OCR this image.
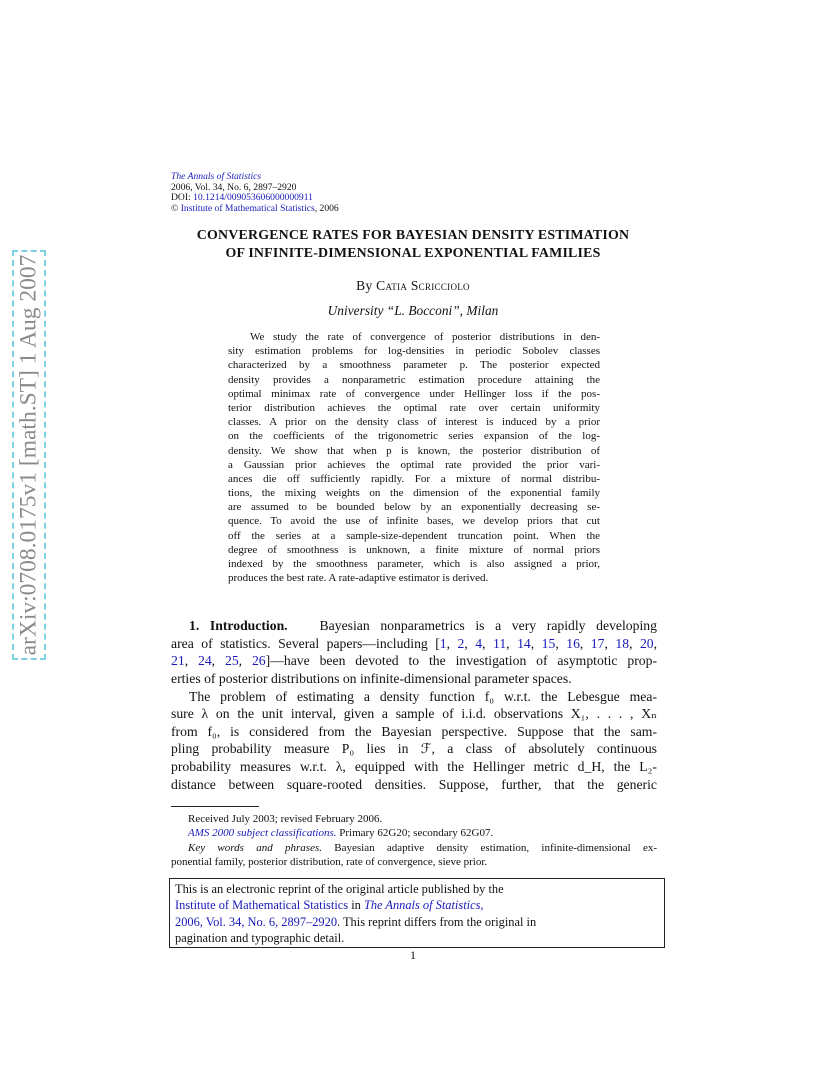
arXiv:0708.0175v1 [math.ST] 1 Aug 2007
The Annals of Statistics
2006, Vol. 34, No. 6, 2897–2920
DOI: 10.1214/009053606000000911
© Institute of Mathematical Statistics, 2006
CONVERGENCE RATES FOR BAYESIAN DENSITY ESTIMATION
OF INFINITE-DIMENSIONAL EXPONENTIAL FAMILIES
By Catia Scricciolo
University “L. Bocconi”, Milan
We study the rate of convergence of posterior distributions in den-
sity estimation problems for log-densities in periodic Sobolev classes
characterized by a smoothness parameter p. The posterior expected
density provides a nonparametric estimation procedure attaining the
optimal minimax rate of convergence under Hellinger loss if the pos-
terior distribution achieves the optimal rate over certain uniformity
classes. A prior on the density class of interest is induced by a prior
on the coefficients of the trigonometric series expansion of the log-
density. We show that when p is known, the posterior distribution of
a Gaussian prior achieves the optimal rate provided the prior vari-
ances die off sufficiently rapidly. For a mixture of normal distribu-
tions, the mixing weights on the dimension of the exponential family
are assumed to be bounded below by an exponentially decreasing se-
quence. To avoid the use of infinite bases, we develop priors that cut
off the series at a sample-size-dependent truncation point. When the
degree of smoothness is unknown, a finite mixture of normal priors
indexed by the smoothness parameter, which is also assigned a prior,
produces the best rate. A rate-adaptive estimator is derived.
1. Introduction. Bayesian nonparametrics is a very rapidly developing
area of statistics. Several papers—including [1, 2, 4, 11, 14, 15, 16, 17, 18, 20,
21, 24, 25, 26]—have been devoted to the investigation of asymptotic prop-
erties of posterior distributions on infinite-dimensional parameter spaces.
The problem of estimating a density function f₀ w.r.t. the Lebesgue mea-
sure λ on the unit interval, given a sample of i.i.d. observations X₁, . . . , Xₙ
from f₀, is considered from the Bayesian perspective. Suppose that the sam-
pling probability measure P₀ lies in ℱ, a class of absolutely continuous
probability measures w.r.t. λ, equipped with the Hellinger metric d_H, the L₂-
distance between square-rooted densities. Suppose, further, that the generic
Received July 2003; revised February 2006.
AMS 2000 subject classifications. Primary 62G20; secondary 62G07.
Key words and phrases. Bayesian adaptive density estimation, infinite-dimensional ex-
ponential family, posterior distribution, rate of convergence, sieve prior.
This is an electronic reprint of the original article published by the
Institute of Mathematical Statistics in The Annals of Statistics,
2006, Vol. 34, No. 6, 2897–2920. This reprint differs from the original in
pagination and typographic detail.
1
